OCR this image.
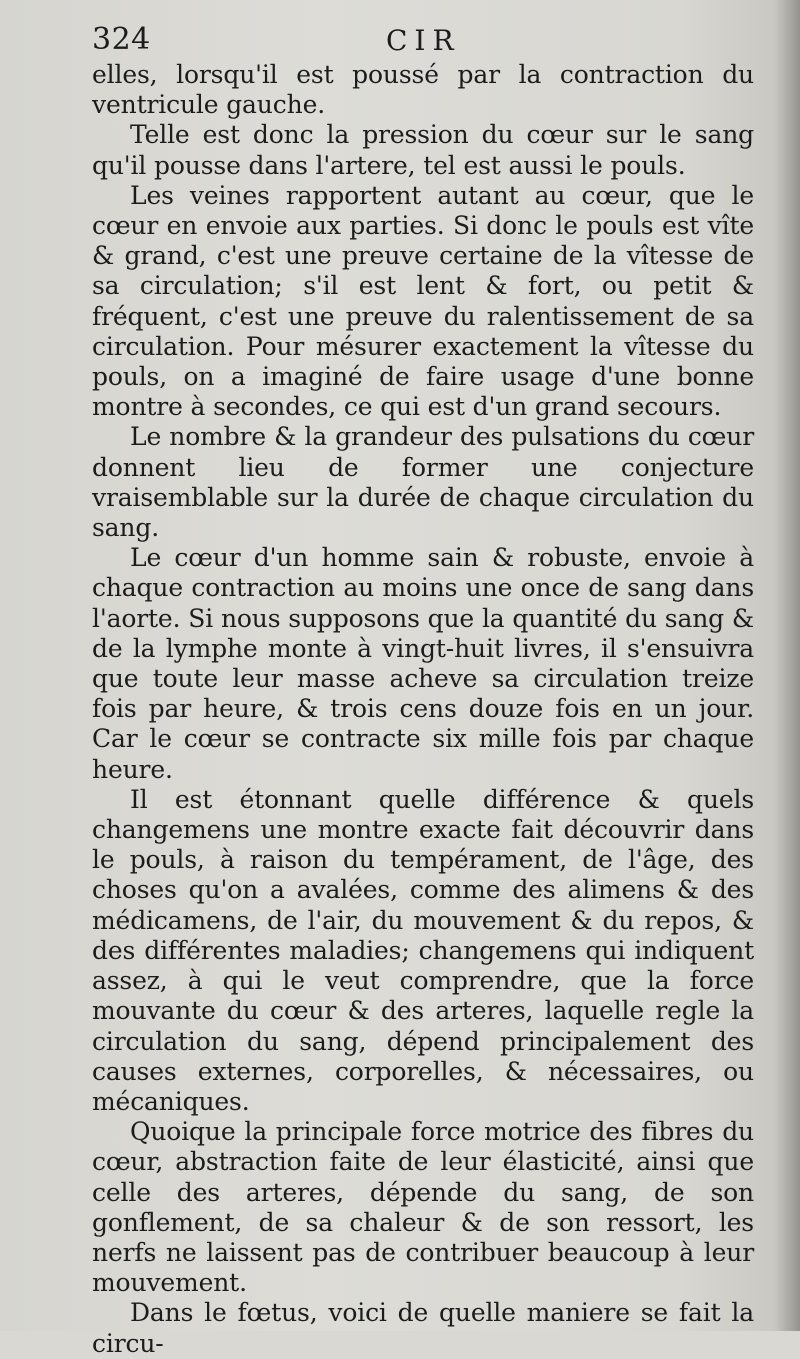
324	CIR

elles, lorsqu'il est poussé par la contraction du ventricule gauche.

Telle est donc la pression du cœur sur le sang qu'il pousse dans l'artere, tel est aussi le pouls.

Les veines rapportent autant au cœur, que le cœur en envoie aux parties. Si donc le pouls est vîte & grand, c'est une preuve certaine de la vîtesse de sa circulation; s'il est lent & fort, ou petit & fréquent, c'est une preuve du ralentissement de sa circulation. Pour mésurer exactement la vîtesse du pouls, on a imaginé de faire usage d'une bonne montre à secondes, ce qui est d'un grand secours.

Le nombre & la grandeur des pulsations du cœur donnent lieu de former une conjecture vraisemblable sur la durée de chaque circulation du sang.

Le cœur d'un homme sain & robuste, envoie à chaque contraction au moins une once de sang dans l'aorte. Si nous supposons que la quantité du sang & de la lymphe monte à vingt-huit livres, il s'ensuivra que toute leur masse acheve sa circulation treize fois par heure, & trois cens douze fois en un jour. Car le cœur se contracte six mille fois par chaque heure.

Il est étonnant quelle différence & quels changemens une montre exacte fait découvrir dans le pouls, à raison du tempérament, de l'âge, des choses qu'on a avalées, comme des alimens & des médicamens, de l'air, du mouvement & du repos, & des différentes maladies; changemens qui indiquent assez, à qui le veut comprendre, que la force mouvante du cœur & des arteres, laquelle regle la circulation du sang, dépend principalement des causes externes, corporelles, & nécessaires, ou mécaniques.

Quoique la principale force motrice des fibres du cœur, abstraction faite de leur élasticité, ainsi que celle des arteres, dépende du sang, de son gonflement, de sa chaleur & de son ressort, les nerfs ne laissent pas de contribuer beaucoup à leur mouvement.

Dans le fœtus, voici de quelle maniere se fait la circu-
